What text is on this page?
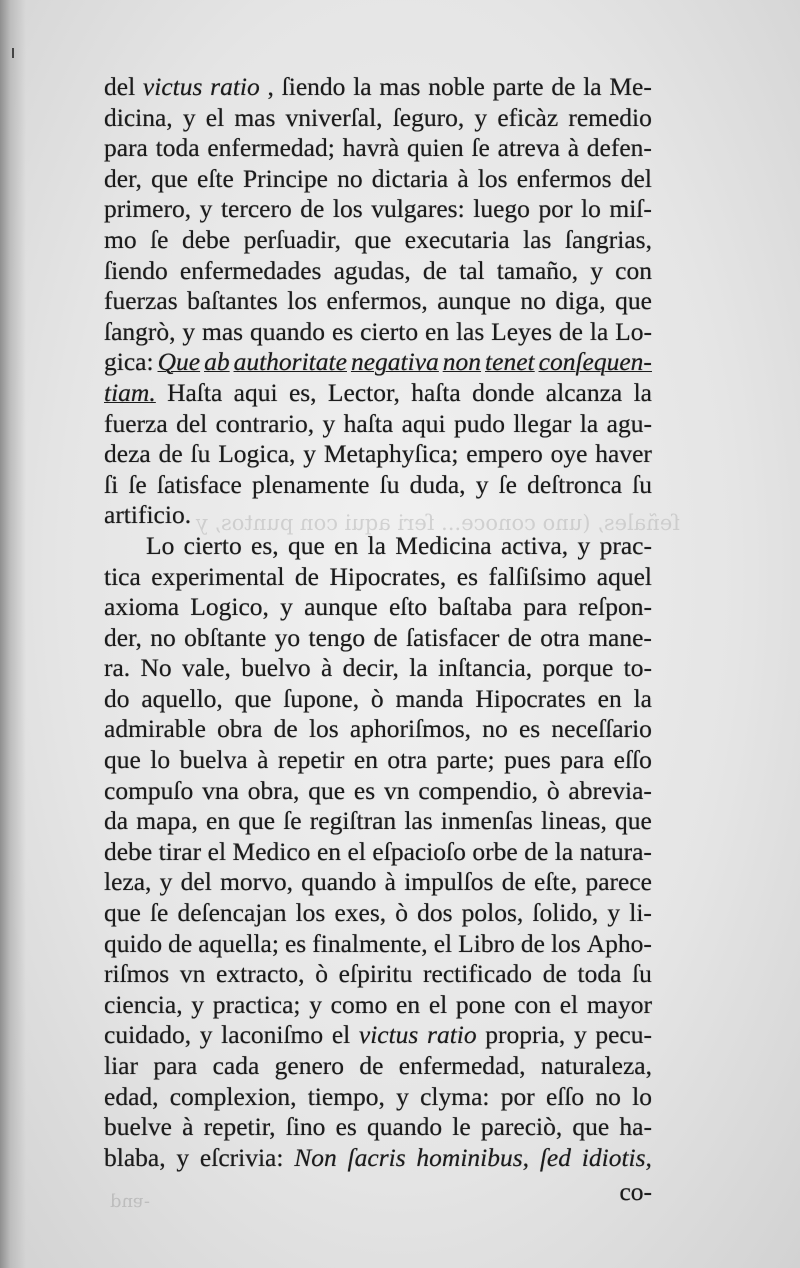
ſeñales, (uno conoce... ſeri aqui con puntos, y
-ɐnd
del victus ratio , ſiendo la mas noble parte de la Me-
dicina, y el mas vniverſal, ſeguro, y eficàz remedio
para toda enfermedad; havrà quien ſe atreva à defen-
der, que eſte Principe no dictaria à los enfermos del
primero, y tercero de los vulgares: luego por lo miſ-
mo ſe debe perſuadir, que executaria las ſangrias,
ſiendo enfermedades agudas, de tal tamaño, y con
fuerzas baſtantes los enfermos, aunque no diga, que
ſangrò, y mas quando es cierto en las Leyes de la Lo-
gica: Que ab authoritate negativa non tenet conſequen-
tiam. Haſta aqui es, Lector, haſta donde alcanza la
fuerza del contrario, y haſta aqui pudo llegar la agu-
deza de ſu Logica, y Metaphyſica; empero oye haver
ſi ſe ſatisface plenamente ſu duda, y ſe deſtronca ſu
artificio.
Lo cierto es, que en la Medicina activa, y prac-
tica experimental de Hipocrates, es falſiſsimo aquel
axioma Logico, y aunque eſto baſtaba para reſpon-
der, no obſtante yo tengo de ſatisfacer de otra mane-
ra. No vale, buelvo à decir, la inſtancia, porque to-
do aquello, que ſupone, ò manda Hipocrates en la
admirable obra de los aphoriſmos, no es neceſſario
que lo buelva à repetir en otra parte; pues para eſſo
compuſo vna obra, que es vn compendio, ò abrevia-
da mapa, en que ſe regiſtran las inmenſas lineas, que
debe tirar el Medico en el eſpacioſo orbe de la natura-
leza, y del morvo, quando à impulſos de eſte, parece
que ſe deſencajan los exes, ò dos polos, ſolido, y li-
quido de aquella; es finalmente, el Libro de los Apho-
riſmos vn extracto, ò eſpiritu rectificado de toda ſu
ciencia, y practica; y como en el pone con el mayor
cuidado, y laconiſmo el victus ratio propria, y pecu-
liar para cada genero de enfermedad, naturaleza,
edad, complexion, tiempo, y clyma: por eſſo no lo
buelve à repetir, ſino es quando le pareciò, que ha-
blaba, y eſcrivia: Non ſacris hominibus, ſed idiotis,
co-
